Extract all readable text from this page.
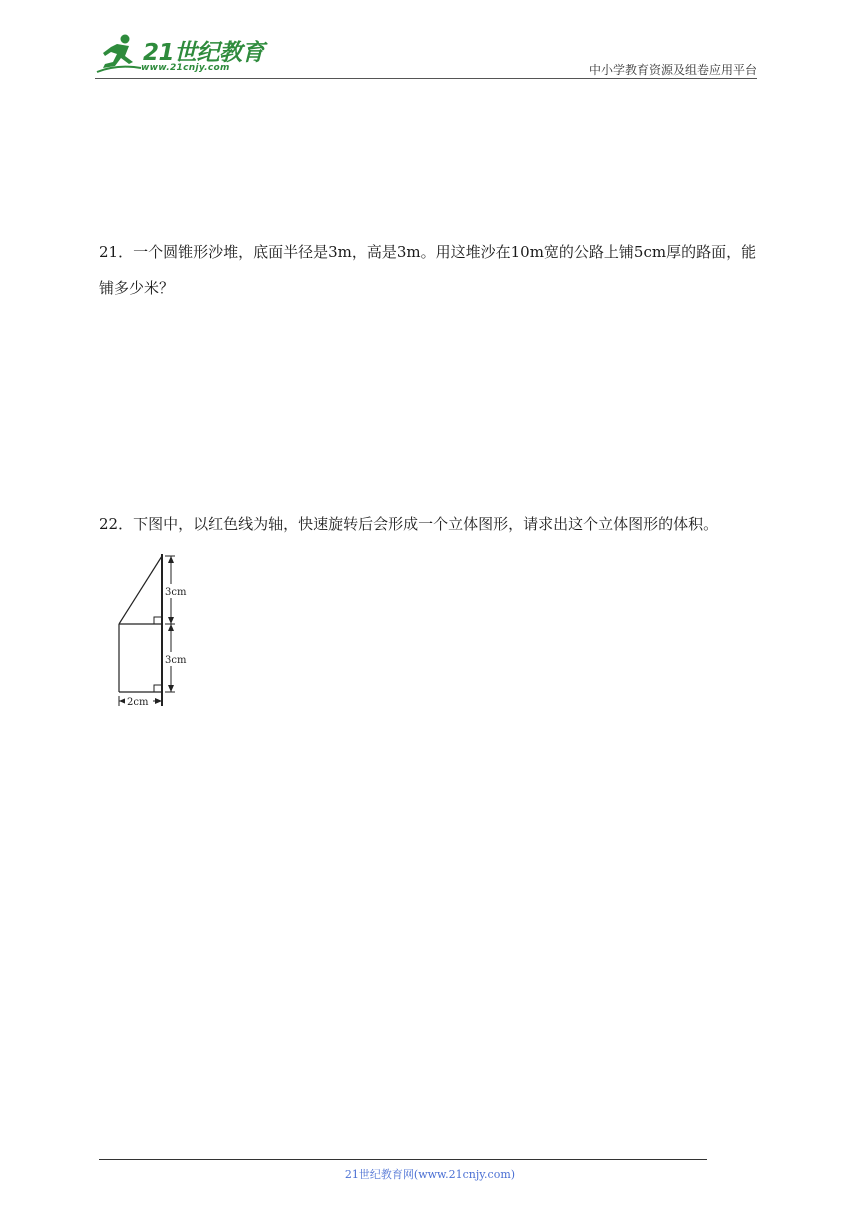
21世纪教育
www.21cnjy.com	中小学教育资源及组卷应用平台
21．一个圆锥形沙堆，底面半径是3m，高是3m。用这堆沙在10m宽的公路上铺5cm厚的路面，能铺多少米？
22．下图中，以红色线为轴，快速旋转后会形成一个立体图形，请求出这个立体图形的体积。
3cm
3cm
2cm
21世纪教育网(www.21cnjy.com)
